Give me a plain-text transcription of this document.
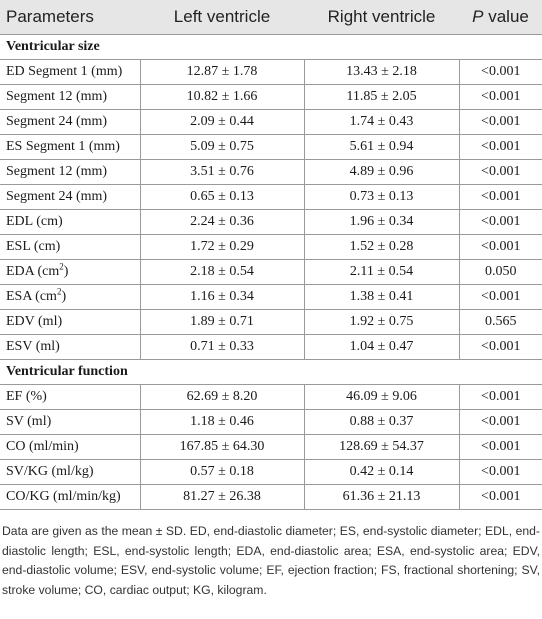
Parameters	Left ventricle	Right ventricle	P value
Ventricular size			
ED Segment 1 (mm)	12.87 ± 1.78	13.43 ± 2.18	<0.001
Segment 12 (mm)	10.82 ± 1.66	11.85 ± 2.05	<0.001
Segment 24 (mm)	2.09 ± 0.44	1.74 ± 0.43	<0.001
ES Segment 1 (mm)	5.09 ± 0.75	5.61 ± 0.94	<0.001
Segment 12 (mm)	3.51 ± 0.76	4.89 ± 0.96	<0.001
Segment 24 (mm)	0.65 ± 0.13	0.73 ± 0.13	<0.001
EDL (cm)	2.24 ± 0.36	1.96 ± 0.34	<0.001
ESL (cm)	1.72 ± 0.29	1.52 ± 0.28	<0.001
EDA $(cm^2)$	2.18 ± 0.54	2.11 ± 0.54	0.050
ESA $(cm^2)$	1.16 ± 0.34	1.38 ± 0.41	<0.001
EDV (ml)	1.89 ± 0.71	1.92 ± 0.75	0.565
ESV (ml)	0.71 ± 0.33	1.04 ± 0.47	<0.001
Ventricular function			
EF (%)	62.69 ± 8.20	46.09 ± 9.06	<0.001
SV (ml)	1.18 ± 0.46	0.88 ± 0.37	<0.001
CO (ml/min)	167.85 ± 64.30	128.69 ± 54.37	<0.001
SV/KG (ml/kg)	0.57 ± 0.18	0.42 ± 0.14	<0.001
CO/KG (ml/min/kg)	81.27 ± 26.38	61.36 ± 21.13	<0.001

Data are given as the mean ± SD. ED, end-diastolic diameter; ES, end-systolic diameter; EDL, end-diastolic length; ESL, end-systolic length; EDA, end-diastolic area; ESA, end-systolic area; EDV, end-diastolic volume; ESV, end-systolic volume; EF, ejection fraction; FS, fractional shortening; SV, stroke volume; CO, cardiac output; KG, kilogram.
